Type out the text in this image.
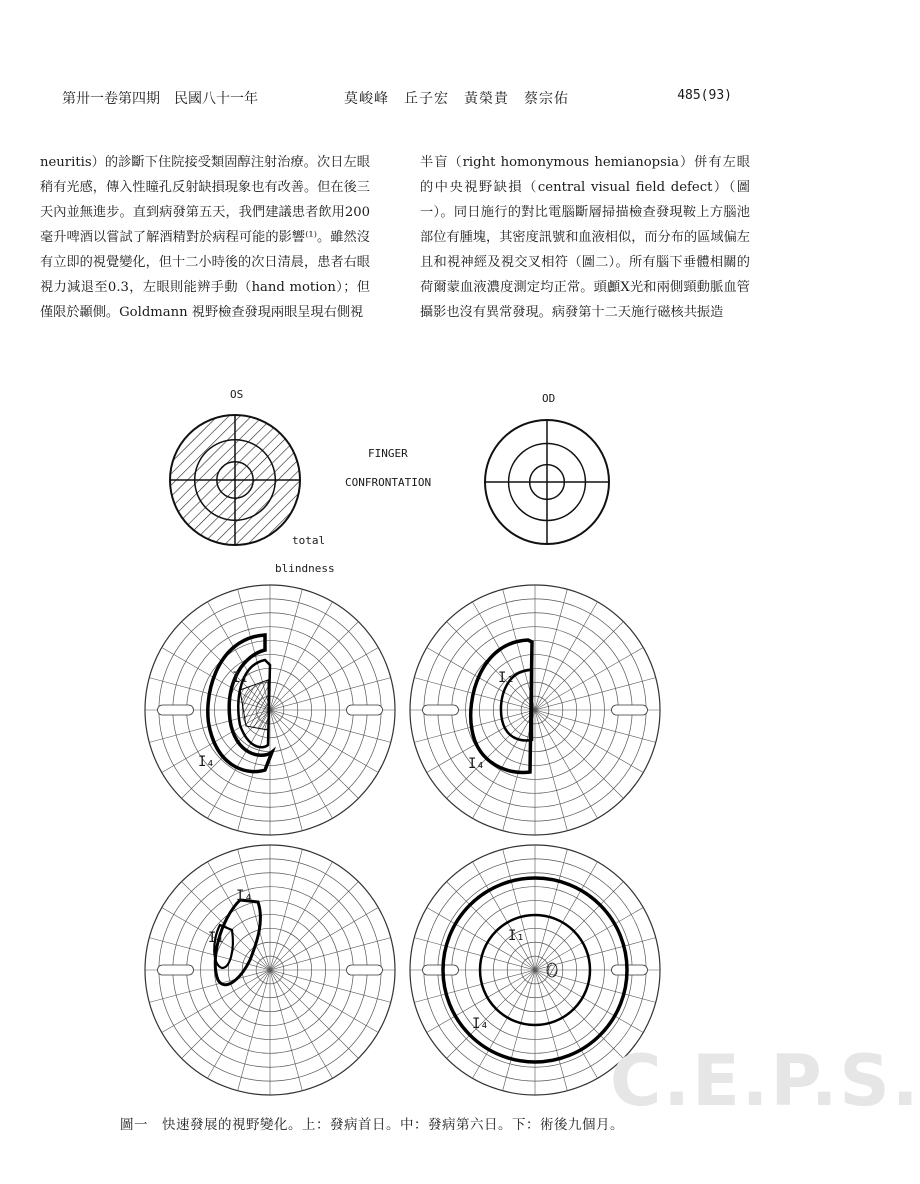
第卅一卷第四期　民國八十一年	莫峻峰　丘子宏　黃榮貴　蔡宗佑	485(93)

neuritis）的診斷下住院接受類固醇注射治療。次日左眼稍有光感，傳入性瞳孔反射缺損現象也有改善。但在後三天內並無進步。直到病發第五天，我們建議患者飲用200毫升啤酒以嘗試了解酒精對於病程可能的影響⁽¹⁾。雖然沒有立即的視覺變化，但十二小時後的次日清晨，患者右眼視力減退至0.3，左眼則能辨手動（hand motion）；但僅限於顳側。Goldmann 視野檢查發現兩眼呈現右側視

半盲（right homonymous hemianopsia）併有左眼的中央視野缺損（central visual field defect）（圖一）。同日施行的對比電腦斷層掃描檢查發現鞍上方腦池部位有腫塊，其密度訊號和血液相似，而分布的區域偏左且和視神經及視交叉相符（圖二）。所有腦下垂體相關的荷爾蒙血液濃度測定均正常。頭顱X光和兩側頸動脈血管攝影也沒有異常發現。病發第十二天施行磁核共振造

OS	OD
FINGER
CONFRONTATION
total
blindness
I₁
I₄
I₁
I₄
I₄
I₁	I₁
I₄
圖一　快速發展的視野變化。上：發病首日。中：發病第六日。下：術後九個月。
C.E.P.S.
